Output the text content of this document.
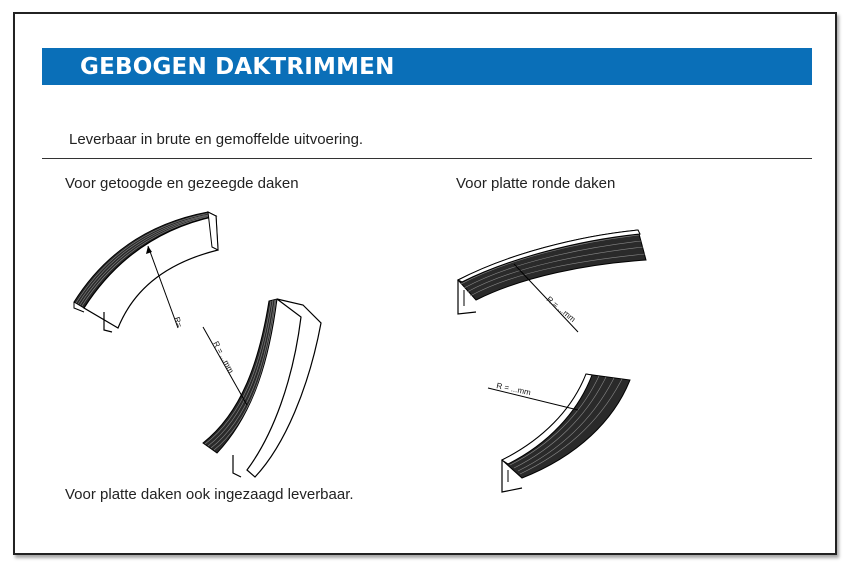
GEBOGEN DAKTRIMMEN
Leverbaar in brute en gemoffelde uitvoering.
Voor getoogde en gezeegde daken	Voor platte ronde daken
Voor platte daken ook ingezaagd leverbaar.
R=
R = ...mm
R = ...mm
R = ...mm
